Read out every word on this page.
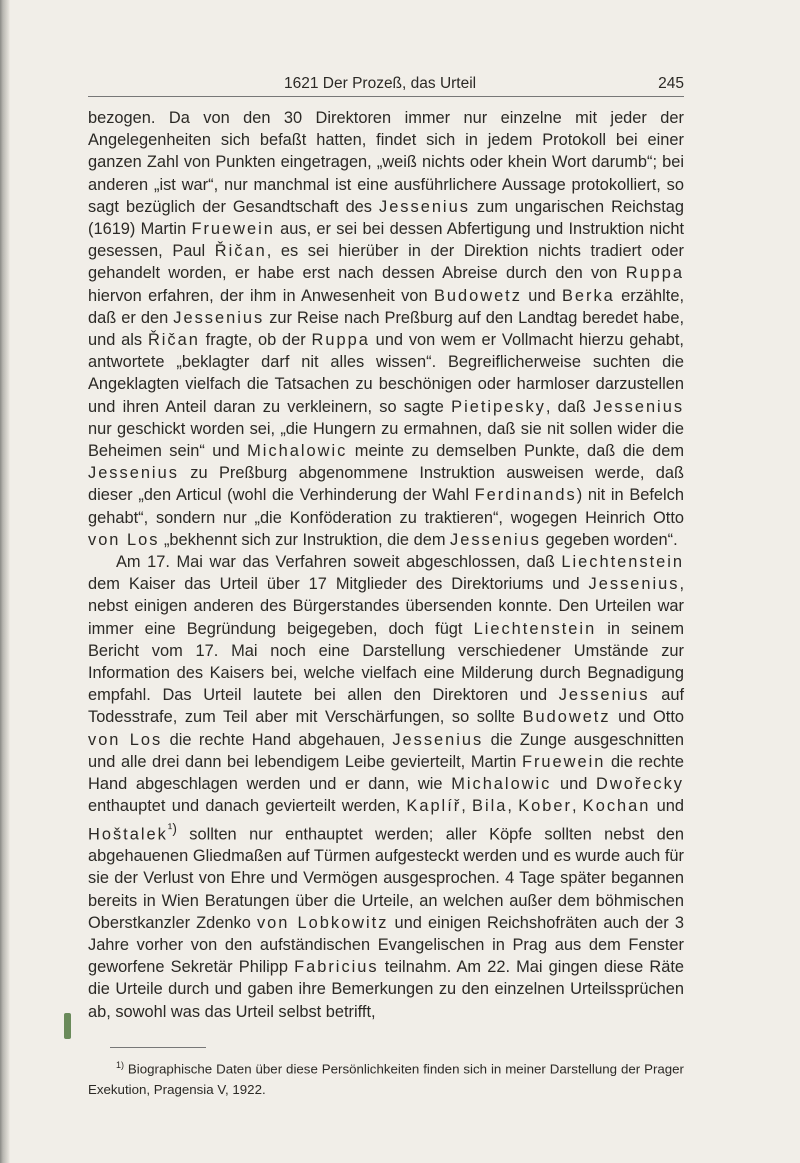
1621 Der Prozeß, das Urteil	245

bezogen. Da von den 30 Direktoren immer nur einzelne mit jeder der Angelegenheiten sich befaßt hatten, findet sich in jedem Protokoll bei einer ganzen Zahl von Punkten eingetragen, „weiß nichts oder khein Wort darumb“; bei anderen „ist war“, nur manchmal ist eine ausführlichere Aussage protokolliert, so sagt bezüglich der Gesandtschaft des Jessenius zum ungarischen Reichstag (1619) Martin Fruewein aus, er sei bei dessen Abfertigung und Instruktion nicht gesessen, Paul Řičan, es sei hierüber in der Direktion nichts tradiert oder gehandelt worden, er habe erst nach dessen Abreise durch den von Ruppa hiervon erfahren, der ihm in Anwesenheit von Budowetz und Berka erzählte, daß er den Jessenius zur Reise nach Preßburg auf den Landtag beredet habe, und als Řičan fragte, ob der Ruppa und von wem er Vollmacht hierzu gehabt, antwortete „beklagter darf nit alles wissen“. Begreiflicherweise suchten die Angeklagten vielfach die Tatsachen zu beschönigen oder harmloser darzustellen und ihren Anteil daran zu verkleinern, so sagte Pietipesky, daß Jessenius nur geschickt worden sei, „die Hungern zu ermahnen, daß sie nit sollen wider die Beheimen sein“ und Michalowic meinte zu demselben Punkte, daß die dem Jessenius zu Preßburg abgenommene Instruktion ausweisen werde, daß dieser „den Articul (wohl die Verhinderung der Wahl Ferdinands) nit in Befelch gehabt“, sondern nur „die Konföderation zu traktieren“, wogegen Heinrich Otto von Los „bekhennt sich zur Instruktion, die dem Jessenius gegeben worden“.

Am 17. Mai war das Verfahren soweit abgeschlossen, daß Liechtenstein dem Kaiser das Urteil über 17 Mitglieder des Direktoriums und Jessenius, nebst einigen anderen des Bürgerstandes übersenden konnte. Den Urteilen war immer eine Begründung beigegeben, doch fügt Liechtenstein in seinem Bericht vom 17. Mai noch eine Darstellung verschiedener Umstände zur Information des Kaisers bei, welche vielfach eine Milderung durch Begnadigung empfahl. Das Urteil lautete bei allen den Direktoren und Jessenius auf Todesstrafe, zum Teil aber mit Verschärfungen, so sollte Budowetz und Otto von Los die rechte Hand abgehauen, Jessenius die Zunge ausgeschnitten und alle drei dann bei lebendigem Leibe gevierteilt, Martin Fruewein die rechte Hand abgeschlagen werden und er dann, wie Michalowic und Dwořecky enthauptet und danach gevierteilt werden, Kaplíř, Bila, Kober, Kochan und Hoštalek$^{^1)}$ sollten nur enthauptet werden; aller Köpfe sollten nebst den abgehauenen Gliedmaßen auf Türmen aufgesteckt werden und es wurde auch für sie der Verlust von Ehre und Vermögen ausgesprochen. 4 Tage später begannen bereits in Wien Beratungen über die Urteile, an welchen außer dem böhmischen Oberstkanzler Zdenko von Lobkowitz und einigen Reichshofräten auch der 3 Jahre vorher von den aufständischen Evangelischen in Prag aus dem Fenster geworfene Sekretär Philipp Fabricius teilnahm. Am 22. Mai gingen diese Räte die Urteile durch und gaben ihre Bemerkungen zu den einzelnen Urteilssprüchen ab, sowohl was das Urteil selbst betrifft,

$^{1)}$ Biographische Daten über diese Persönlichkeiten finden sich in meiner Darstellung der Prager Exekution, Pragensia V, 1922.
